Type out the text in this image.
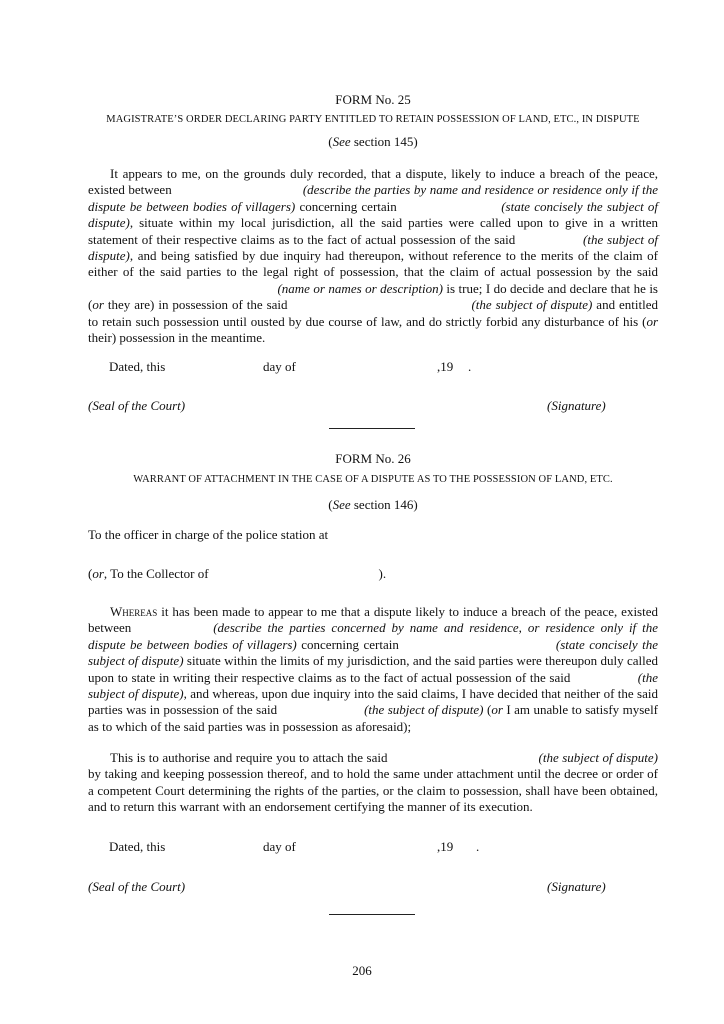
FORM No. 25
MAGISTRATE’S ORDER DECLARING PARTY ENTITLED TO RETAIN POSSESSION OF LAND, ETC., IN DISPUTE
(See section 145)
It appears to me, on the grounds duly recorded, that a dispute, likely to induce a breach of the peace, existed between	(describe the parties by name and residence or residence only if the dispute be between bodies of villagers) concerning certain	(state concisely the subject of dispute), situate within my local jurisdiction, all the said parties were called upon to give in a written statement of their respective claims as to the fact of actual possession of the said	(the subject of dispute), and being satisfied by due inquiry had thereupon, without reference to the merits of the claim of either of the said parties to the legal right of possession, that the claim of actual possession by the said  (name or names or description) is true; I do decide and declare that he is (or they are) in possession of the said	(the subject of dispute) and entitled to retain such possession until ousted by due course of law, and do strictly forbid any disturbance of his (or their) possession in the meantime.
Dated, this	day of	,19 .
(Seal of the Court)	(Signature)
FORM No. 26
WARRANT OF ATTACHMENT IN THE CASE OF A DISPUTE AS TO THE POSSESSION OF LAND, ETC.
(See section 146)
To the officer in charge of the police station at
(or, To the Collector of	).
Whereas it has been made to appear to me that a dispute likely to induce a breach of the peace, existed between	(describe the parties concerned by name and residence, or residence only if the dispute be between bodies of villagers) concerning certain	(state concisely the subject of dispute) situate within the limits of my jurisdiction, and the said parties were thereupon duly called upon to state in writing their respective claims as to the fact of actual possession of the said	(the subject of dispute), and whereas, upon due inquiry into the said claims, I have decided that neither of the said parties was in possession of the said	(the subject of dispute) (or I am unable to satisfy myself as to which of the said parties was in possession as aforesaid);
This is to authorise and require you to attach the said	(the subject of dispute) by taking and keeping possession thereof, and to hold the same under attachment until the decree or order of a competent Court determining the rights of the parties, or the claim to possession, shall have been obtained, and to return this warrant with an endorsement certifying the manner of its execution.
Dated, this	day of	,19 .
(Seal of the Court)	(Signature)
206
